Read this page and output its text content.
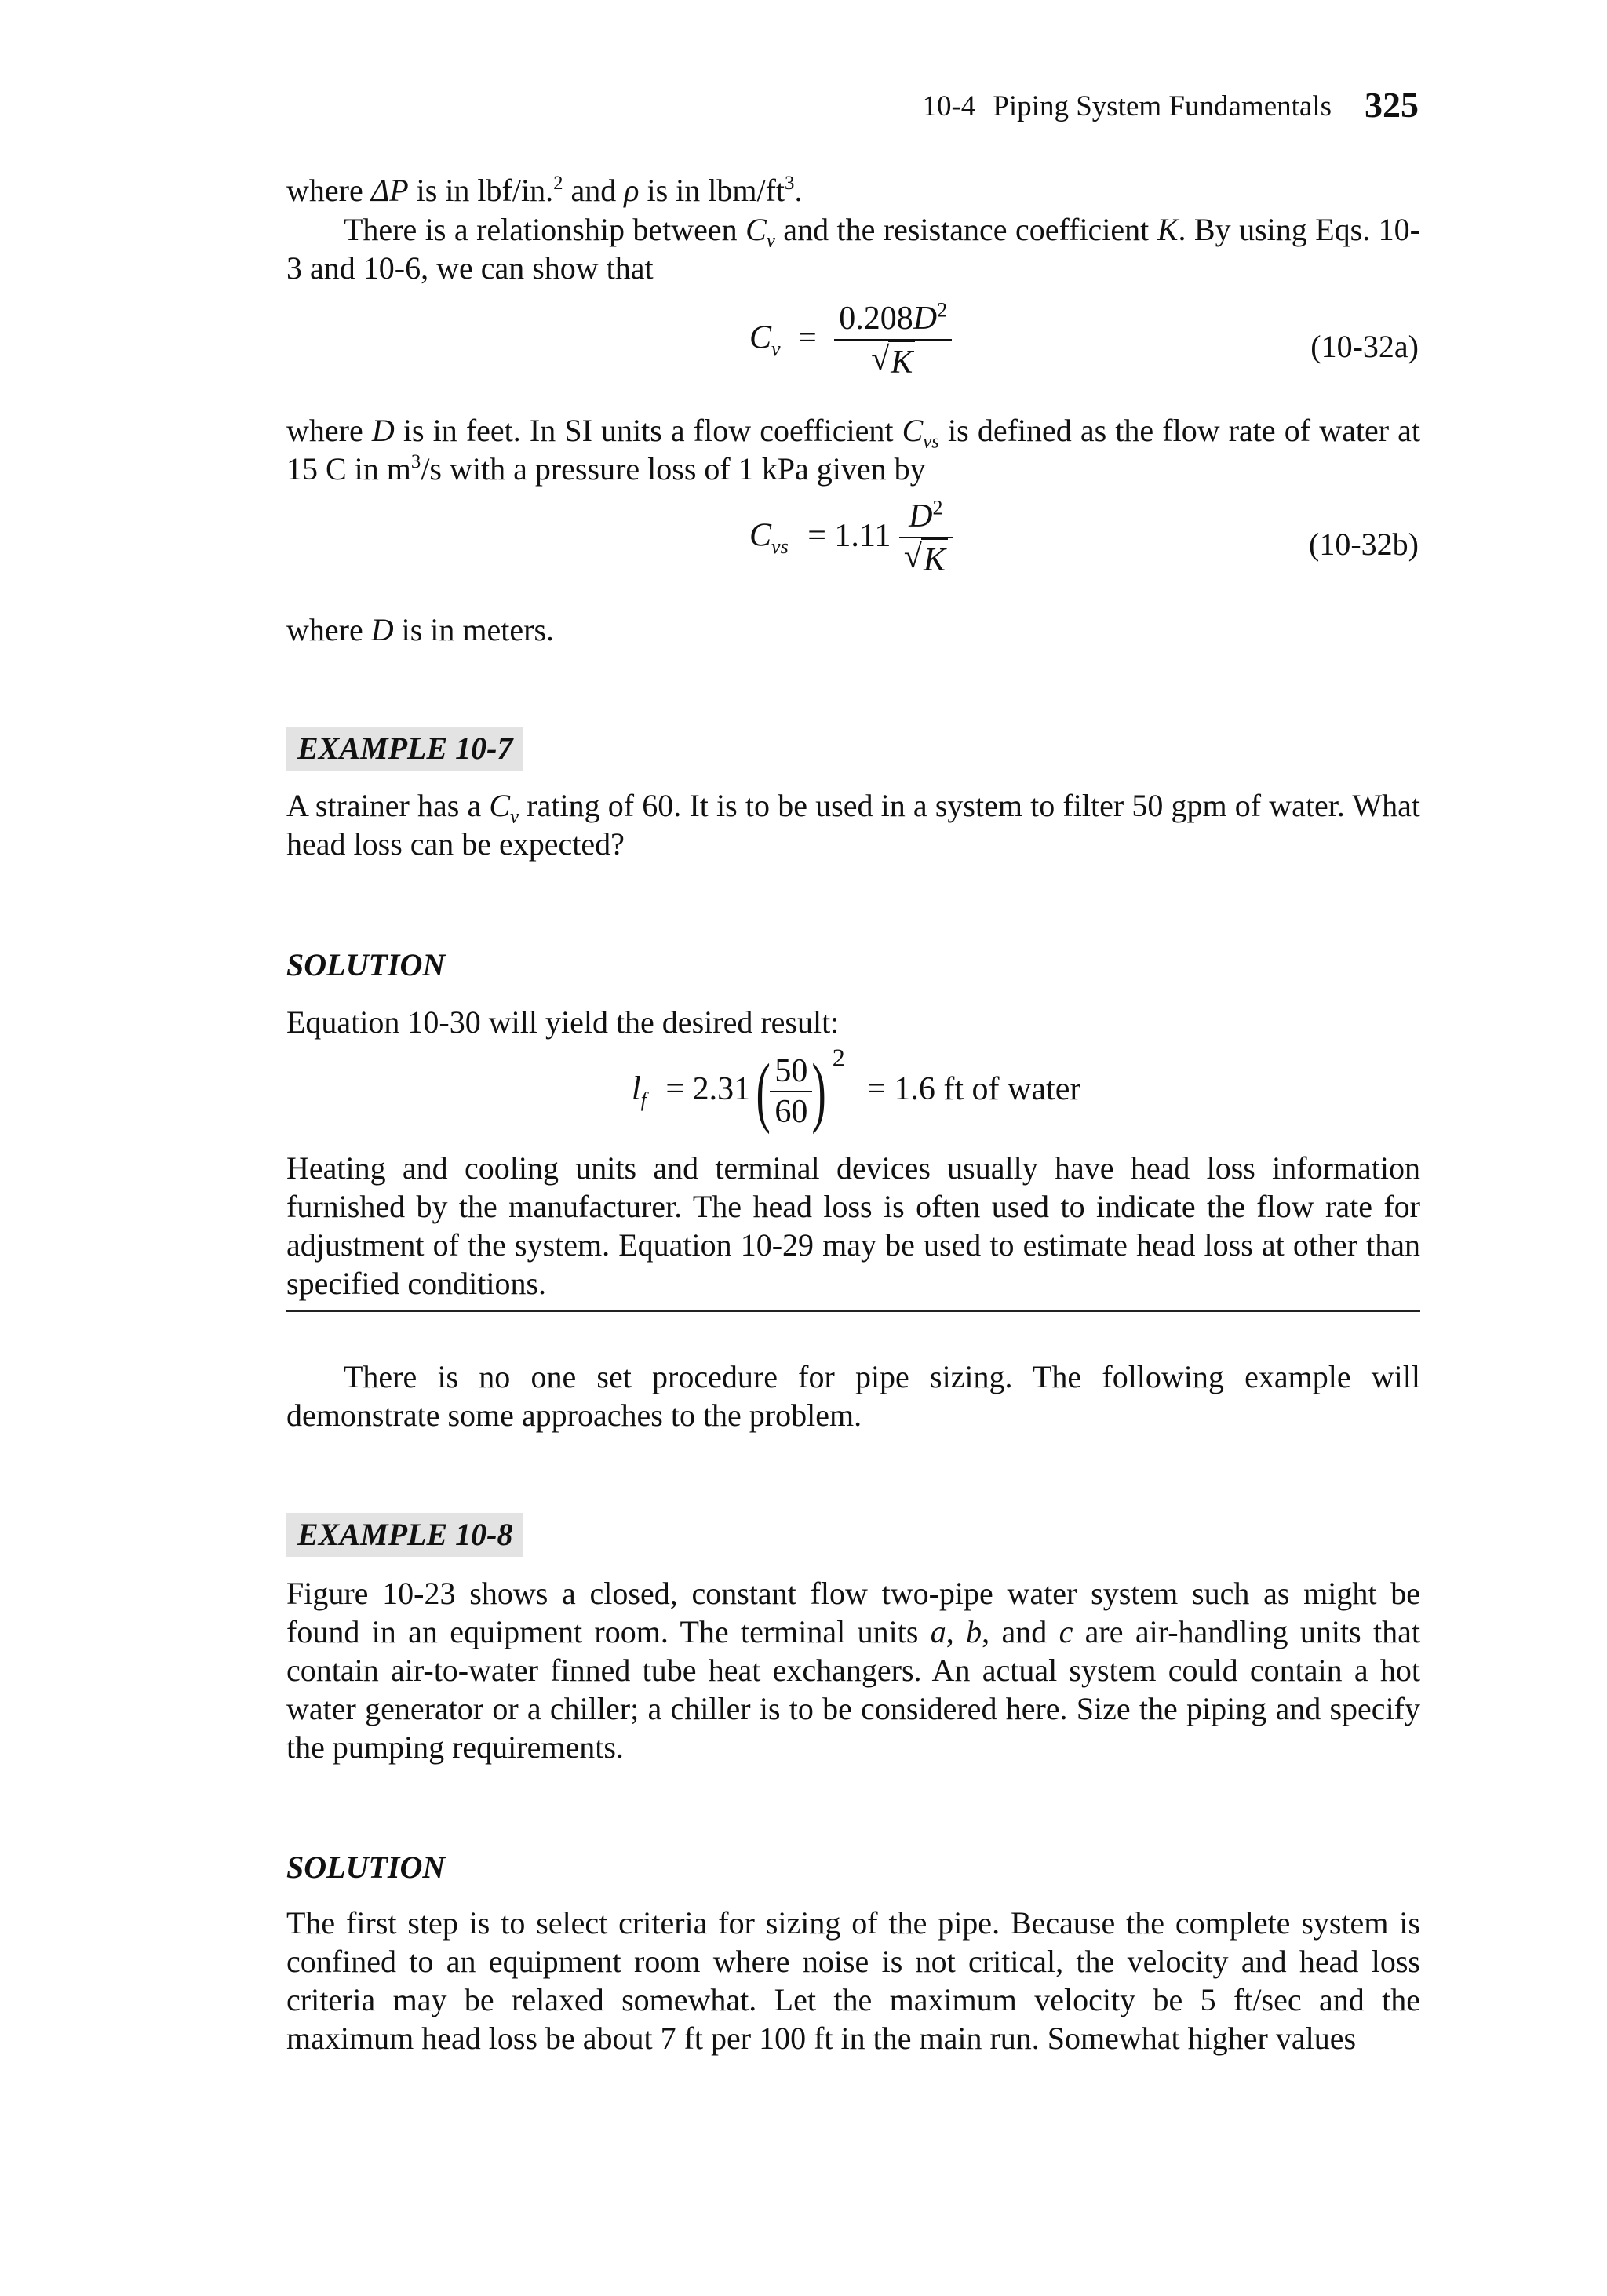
10-4 Piping System Fundamentals 325
where ΔP is in lbf/in.$^2$ and ρ is in lbm/$ft^3$.
There is a relationship between $C_v$ and the resistance coefficient K. By using Eqs. 10-3 and 10-6, we can show that
$C_v = 0.208D^2$
√ K	(10-32a)
where D is in feet. In SI units a flow coefficient $C_{vs}$ is defined as the flow rate of water at 15 C in $m^3/s$ with a pressure loss of 1 kPa given by
$C_{vs} = 1.11$ $D^2$
√ K	(10-32b)
where D is in meters.
EXAMPLE 10-7
A strainer has a $C_v$ rating of 60. It is to be used in a system to filter 50 gpm of water. What head loss can be expected?
SOLUTION
Equation 10-30 will yield the desired result:
$l_f = 2.31( \frac{50}{60}$ ) $^2$ = 1.6 ft of water
Heating and cooling units and terminal devices usually have head loss information furnished by the manufacturer. The head loss is often used to indicate the flow rate for adjustment of the system. Equation 10-29 may be used to estimate head loss at other than specified conditions.
There is no one set procedure for pipe sizing. The following example will demonstrate some approaches to the problem.
EXAMPLE 10-8
Figure 10-23 shows a closed, constant flow two-pipe water system such as might be found in an equipment room. The terminal units a, b, and c are air-handling units that contain air-to-water finned tube heat exchangers. An actual system could contain a hot water generator or a chiller; a chiller is to be considered here. Size the piping and specify the pumping requirements.
SOLUTION
The first step is to select criteria for sizing of the pipe. Because the complete system is confined to an equipment room where noise is not critical, the velocity and head loss criteria may be relaxed somewhat. Let the maximum velocity be 5 ft/sec and the maximum head loss be about 7 ft per 100 ft in the main run. Somewhat higher values
